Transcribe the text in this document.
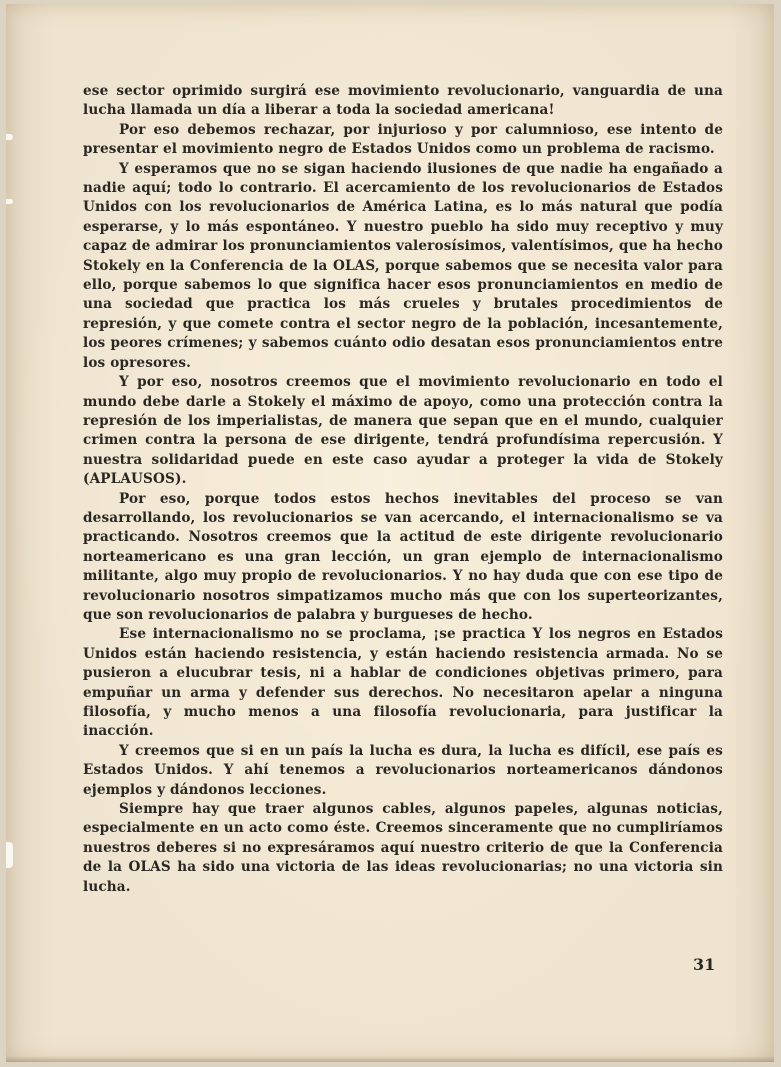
ese sector oprimido surgirá ese movimiento revolucionario, vanguardia de una lucha llamada un día a liberar a toda la sociedad americana!

Por eso debemos rechazar, por injurioso y por calumnioso, ese intento de presentar el movimiento negro de Estados Unidos como un problema de racismo.

Y esperamos que no se sigan haciendo ilusiones de que nadie ha engañado a nadie aquí; todo lo contrario. El acercamiento de los revolucionarios de Estados Unidos con los revolucionarios de América Latina, es lo más natural que podía esperarse, y lo más espontáneo. Y nuestro pueblo ha sido muy receptivo y muy capaz de admirar los pronunciamientos valerosísimos, valentísimos, que ha hecho Stokely en la Conferencia de la OLAS, porque sabemos que se necesita valor para ello, porque sabemos lo que significa hacer esos pronunciamientos en medio de una sociedad que practica los más crueles y brutales procedimientos de represión, y que comete contra el sector negro de la población, incesantemente, los peores crímenes; y sabemos cuánto odio desatan esos pronunciamientos entre los opresores.

Y por eso, nosotros creemos que el movimiento revolucionario en todo el mundo debe darle a Stokely el máximo de apoyo, como una protección contra la represión de los imperialistas, de manera que sepan que en el mundo, cualquier crimen contra la persona de ese dirigente, tendrá profundísima repercusión. Y nuestra solidaridad puede en este caso ayudar a proteger la vida de Stokely (APLAUSOS).

Por eso, porque todos estos hechos inevitables del proceso se van desarrollando, los revolucionarios se van acercando, el internacionalismo se va practicando. Nosotros creemos que la actitud de este dirigente revolucionario norteamericano es una gran lección, un gran ejemplo de internacionalismo militante, algo muy propio de revolucionarios. Y no hay duda que con ese tipo de revolucionario nosotros simpatizamos mucho más que con los superteorizantes, que son revolucionarios de palabra y burgueses de hecho.

Ese internacionalismo no se proclama, ¡se practica Y los negros en Estados Unidos están haciendo resistencia, y están haciendo resistencia armada. No se pusieron a elucubrar tesis, ni a hablar de condiciones objetivas primero, para empuñar un arma y defender sus derechos. No necesitaron apelar a ninguna filosofía, y mucho menos a una filosofía revolucionaria, para justificar la inacción.

Y creemos que si en un país la lucha es dura, la lucha es difícil, ese país es Estados Unidos. Y ahí tenemos a revolucionarios norteamericanos dándonos ejemplos y dándonos lecciones.

Siempre hay que traer algunos cables, algunos papeles, algunas noticias, especialmente en un acto como éste. Creemos sinceramente que no cumpliríamos nuestros deberes si no expresáramos aquí nuestro criterio de que la Conferencia de la OLAS ha sido una victoria de las ideas revolucionarias; no una victoria sin lucha.

31
